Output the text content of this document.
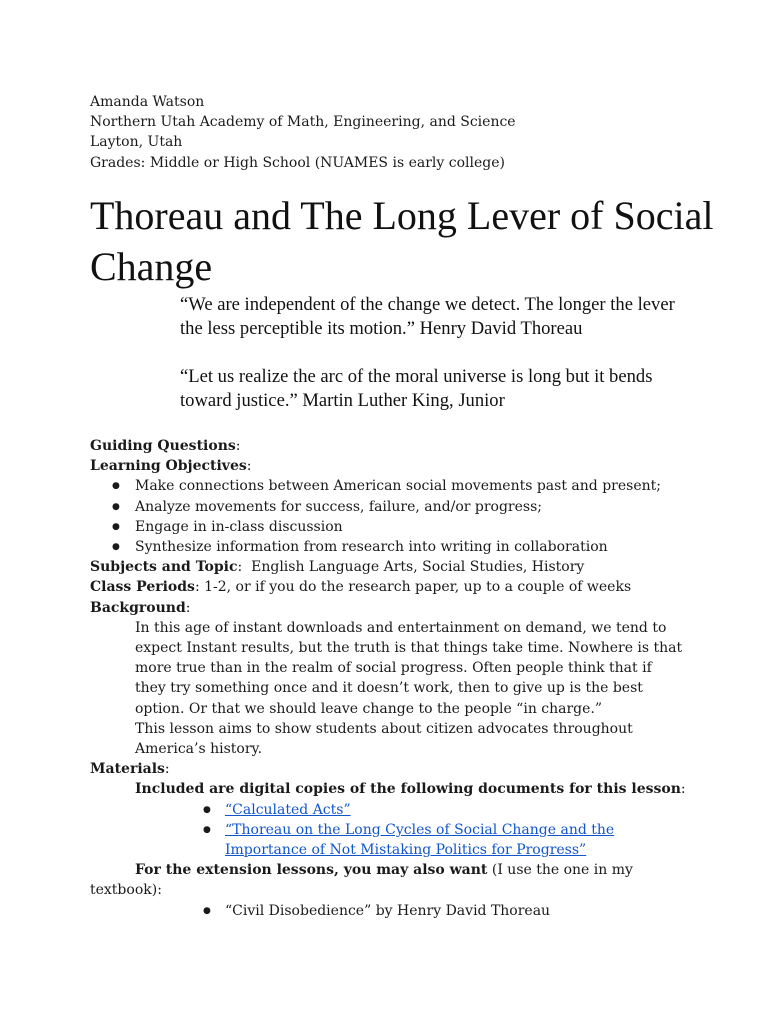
Amanda Watson
Northern Utah Academy of Math, Engineering, and Science
Layton, Utah
Grades: Middle or High School (NUAMES is early college)
Thoreau and The Long Lever of Social Change

“We are independent of the change we detect. The longer the lever the less perceptible its motion.” Henry David Thoreau

“Let us realize the arc of the moral universe is long but it bends toward justice.” Martin Luther King, Junior

Guiding Questions:
Learning Objectives:
● Make connections between American social movements past and present;
● Analyze movements for success, failure, and/or progress;
● Engage in in-class discussion
● Synthesize information from research into writing in collaboration
Subjects and Topic:  English Language Arts, Social Studies, History
Class Periods: 1-2, or if you do the research paper, up to a couple of weeks
Background:

In this age of instant downloads and entertainment on demand, we tend to expect Instant results, but the truth is that things take time. Nowhere is that more true than in the realm of social progress. Often people think that if they try something once and it doesn’t work, then to give up is the best option. Or that we should leave change to the people “in charge.”

This lesson aims to show students about citizen advocates throughout America’s history.

Materials:
Included are digital copies of the following documents for this lesson:
● “Calculated Acts”
● “Thoreau on the Long Cycles of Social Change and the Importance of Not Mistaking Politics for Progress”
For the extension lessons, you may also want (I use the one in my textbook):
● “Civil Disobedience” by Henry David Thoreau
